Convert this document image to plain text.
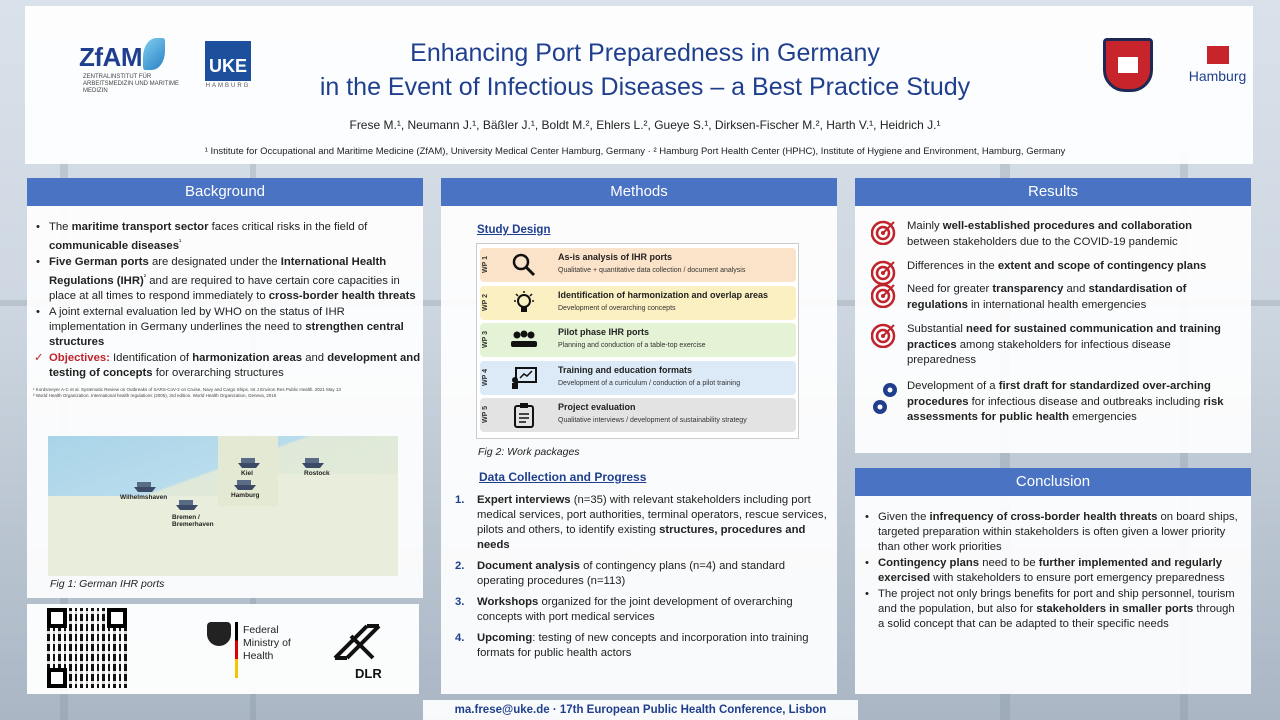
ZfAM
ZENTRALINSTITUT FÜR ARBEITSMEDIZIN UND MARITIME MEDIZIN
UKE
HAMBURG
Enhancing Port Preparedness in Germany
in the Event of Infectious Diseases – a Best Practice Study
Frese M.¹, Neumann J.¹, Bäßler J.¹, Boldt M.², Ehlers L.², Gueye S.¹, Dirksen-Fischer M.², Harth V.¹, Heidrich J.¹
¹ Institute for Occupational and Maritime Medicine (ZfAM), University Medical Center Hamburg, Germany · ² Hamburg Port Health Center (HPHC), Institute of Hygiene and Environment, Hamburg, Germany
Hamburg
Background
• The maritime transport sector faces critical risks in the field of communicable diseases$^{^1}$
• Five German ports are designated under the International Health Regulations (IHR)$^{^2}$ and are required to have certain core capacities in place at all times to respond immediately to cross-border health threats
• A joint external evaluation led by WHO on the status of IHR implementation in Germany underlines the need to strengthen central structures
✓ Objectives: Identification of harmonization areas and development and testing of concepts for overarching structures
¹ Kordsmeyer A-C et al. Systematic Review on Outbreaks of SARS-CoV-2 on Cruise, Navy and Cargo Ships. Int J Environ Res Public Health. 2021 May 13
² World Health Organization. International health regulations (2005), 3rd edition. World Health Organization, Geneva, 2016
Kiel	Rostock
Wilhelmshaven	Hamburg
Bremen / Bremerhaven
Fig 1: German IHR ports
Federal Ministry of Health
DLR
Methods
Study Design
WP 1	As-is analysis of IHR ports
Qualitative + quantitative data collection / document analysis
WP 2	Identification of harmonization and overlap areas
Development of overarching concepts
WP 3	Pilot phase IHR ports
Planning and conduction of a table-top exercise
WP 4	Training and education formats
Development of a curriculum / conduction of a pilot training
WP 5	Project evaluation
Qualitative interviews / development of sustainability strategy
Fig 2: Work packages
Data Collection and Progress
1. Expert interviews (n=35) with relevant stakeholders including port medical services, port authorities, terminal operators, rescue services, pilots and others, to identify existing structures, procedures and needs
2. Document analysis of contingency plans (n=4) and standard operating procedures (n=113)
3. Workshops organized for the joint development of overarching concepts with port medical services
4. Upcoming: testing of new concepts and incorporation into training formats for public health actors
Results
Mainly well-established procedures and collaboration between stakeholders due to the COVID-19 pandemic
Differences in the extent and scope of contingency plans
Need for greater transparency and standardisation of regulations in international health emergencies
Substantial need for sustained communication and training practices among stakeholders for infectious disease preparedness
Development of a first draft for standardized over-arching procedures for infectious disease and outbreaks including risk assessments for public health emergencies
Conclusion
• Given the infrequency of cross-border health threats on board ships, targeted preparation within stakeholders is often given a lower priority than other work priorities
• Contingency plans need to be further implemented and regularly exercised with stakeholders to ensure port emergency preparedness
• The project not only brings benefits for port and ship personnel, tourism and the population, but also for stakeholders in smaller ports through a solid concept that can be adapted to their specific needs
ma.frese@uke.de · 17th European Public Health Conference, Lisbon
